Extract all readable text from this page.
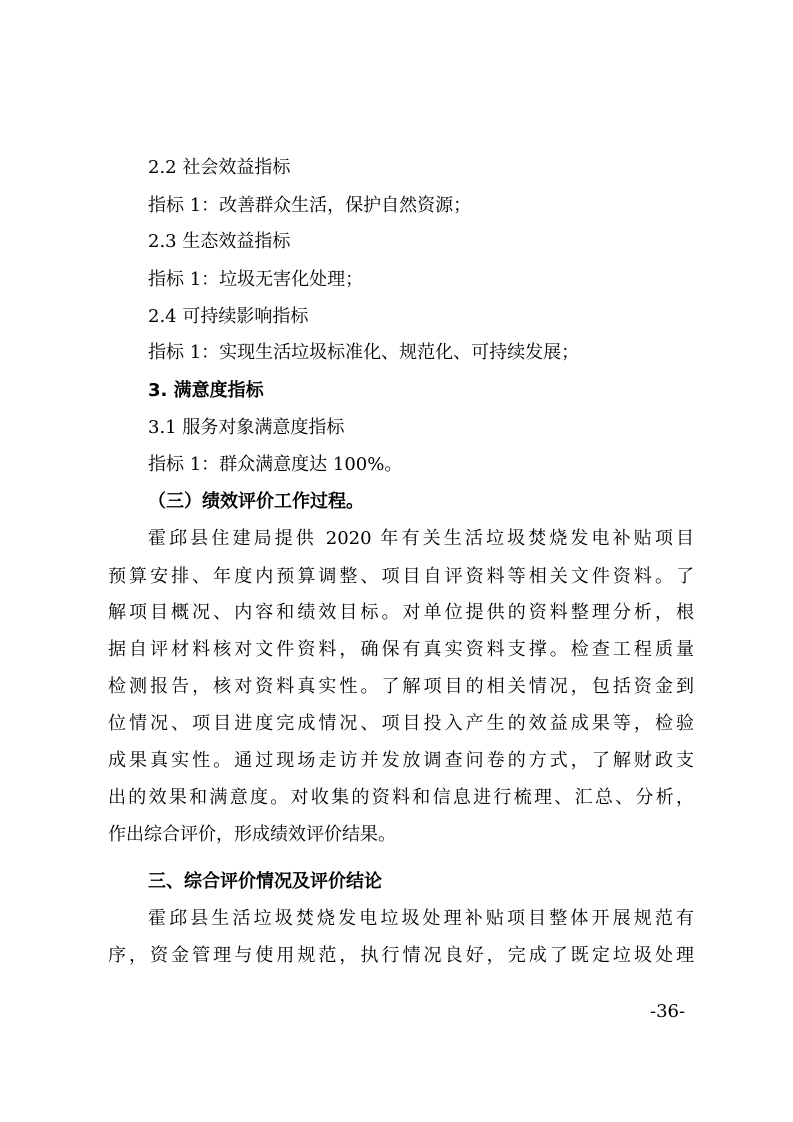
2.2 社会效益指标
指标 1：改善群众生活，保护自然资源；
2.3 生态效益指标
指标 1：垃圾无害化处理；
2.4 可持续影响指标
指标 1：实现生活垃圾标准化、规范化、可持续发展；
3. 满意度指标
3.1 服务对象满意度指标
指标 1：群众满意度达 100%。
（三）绩效评价工作过程。
霍邱县住建局提供 2020 年有关生活垃圾焚烧发电补贴项目
预算安排、年度内预算调整、项目自评资料等相关文件资料。了
解项目概况、内容和绩效目标。对单位提供的资料整理分析，根
据自评材料核对文件资料，确保有真实资料支撑。检查工程质量
检测报告，核对资料真实性。了解项目的相关情况，包括资金到
位情况、项目进度完成情况、项目投入产生的效益成果等，检验
成果真实性。通过现场走访并发放调查问卷的方式，了解财政支
出的效果和满意度。对收集的资料和信息进行梳理、汇总、分析，
作出综合评价，形成绩效评价结果。
三、综合评价情况及评价结论
霍邱县生活垃圾焚烧发电垃圾处理补贴项目整体开展规范有
序，资金管理与使用规范，执行情况良好，完成了既定垃圾处理
-36-
